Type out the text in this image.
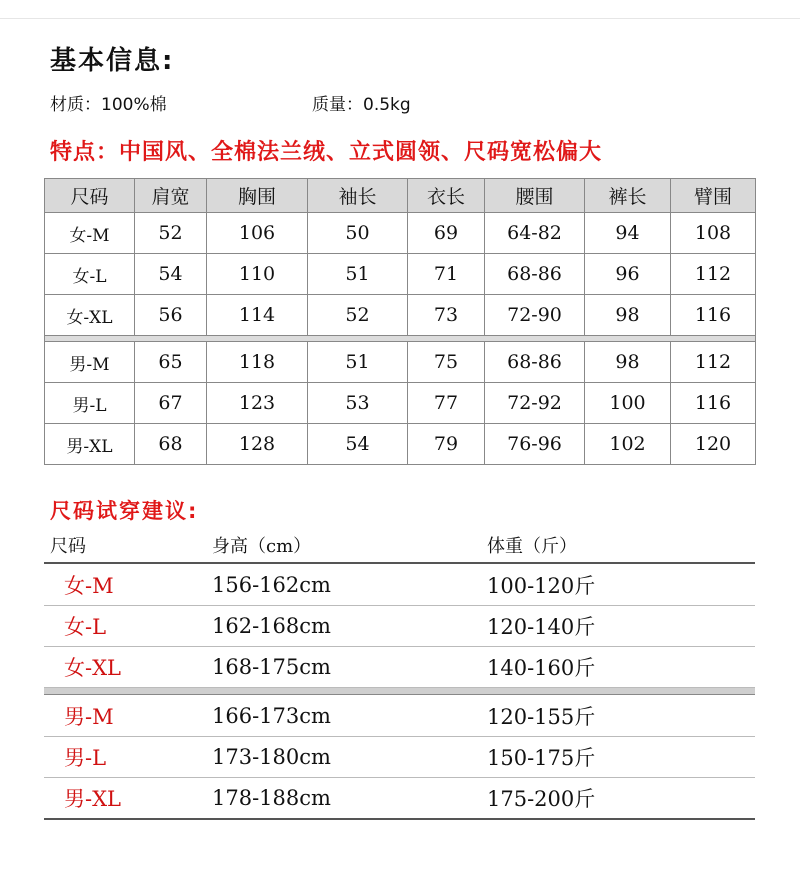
基本信息:
材质：100%棉	质量：0.5kg
特点：中国风、全棉法兰绒、立式圆领、尺码宽松偏大
尺码	肩宽	胸围	袖长	衣长	腰围	裤长	臂围
女-M	52	106	50	69	64-82	94	108
女-L	54	110	51	71	68-86	96	112
女-XL	56	114	52	73	72-90	98	116

男-M	65	118	51	75	68-86	98	112
男-L	67	123	53	77	72-92	100	116
男-XL	68	128	54	79	76-96	102	120
尺码试穿建议:
尺码	身高（cm）	体重（斤）
女-M	156-162cm	100-120斤
女-L	162-168cm	120-140斤
女-XL	168-175cm	140-160斤
男-M	166-173cm	120-155斤
男-L	173-180cm	150-175斤
男-XL	178-188cm	175-200斤
